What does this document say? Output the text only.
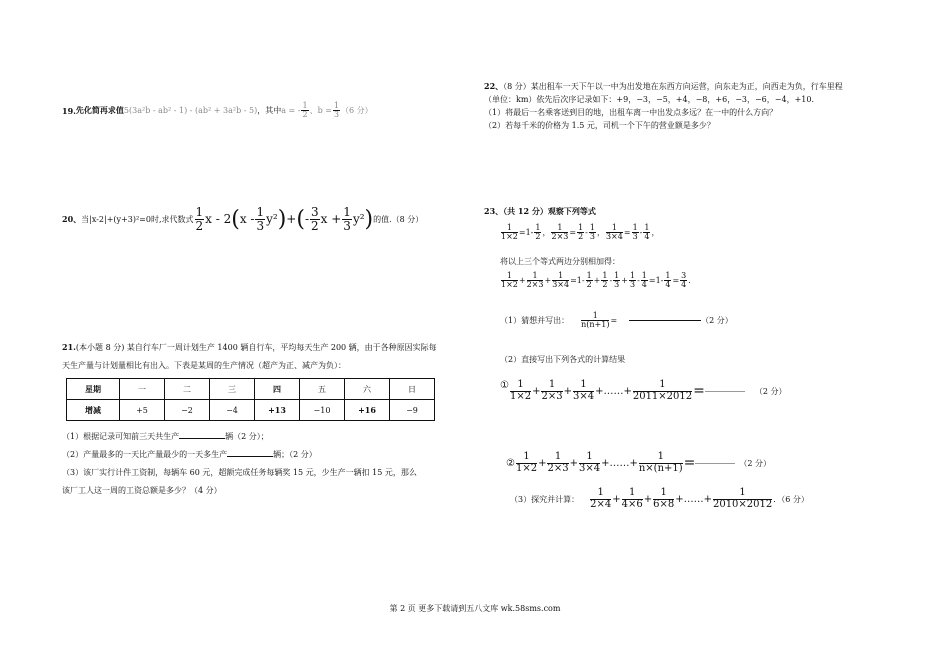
19. 先化简再求值 5(3a²b - ab² - 1) - (ab² + 3a²b - 5) ，其中 a = - $\frac{1}{2}$ 、 $b = \frac{1}{3} (6$ 分）
20、 当|x-2|+(y+3)²=0时,求代数式 $\frac{1}{2}$ x - 2 ( x - $\frac{1}{3} y^2$ ) + ( - $\frac{3}{2}$ $x + \frac{1}{3} y^2$ ) 的值.（8 分）
21.(本小题 8 分) 某自行车厂一周计划生产 1400 辆自行车，平均每天生产 200 辆，由于各种原因实际每
天生产量与计划量相比有出入。下表是某周的生产情况（超产为正、减产为负）：
星期	一	二	三	四	五	六	日
增减	+5	−2	−4	+13	−10	+16	−9
（1）根据记录可知前三天共生产	辆（2 分）；
（2）产量最多的一天比产量最少的一天多生产	辆；（2 分）
（3）该厂实行计件工资制，每辆车 60 元，超额完成任务每辆奖 15 元，少生产一辆扣 15 元，那么
该厂工人这一周的工资总额是多少？（4 分）
22、（8 分）某出租车一天下午以一中为出发地在东西方向运营，向东走为正，向西走为负，行车里程
（单位：km）依先后次序记录如下：+9，−3，−5，+4，−8，+6，−3，−6，−4，+10.
（1）将最后一名乘客送到目的地，出租车离一中出发点多远？在一中的什么方向？
（2）若每千米的价格为 1.5 元，司机一个下午的营业额是多少？
23、（共 12 分）观察下列等式
$\frac{1}{1\times 2} =1- \frac{1}{2}$ ， $\frac{1}{2\times 3} = \frac{1}{2} - \frac{1}{3}$ ， $\frac{1}{3\times 4} = \frac{1}{3} - \frac{1}{4}$ ，
将以上三个等式两边分别相加得：
$\frac{1}{1\times 2} + \frac{1}{2\times 3} + \frac{1}{3\times 4} =1- \frac{1}{2} + \frac{1}{2} - \frac{1}{3} + \frac{1}{3} - \frac{1}{4} =1- \frac{1}{4} = \frac{3}{4}$ .
（1）猜想并写出： $\frac{1}{n(n+1)}$ =	（2 分）
（2）直接写出下列各式的计算结果
① $\frac{1}{1\times 2} + \frac{1}{2\times 3} + \frac{1}{3\times 4}$ +……+ $\frac{1}{2011\times 2012}$ =	（2 分）
② $\frac{1}{1\times 2} + \frac{1}{2\times 3} + \frac{1}{3\times 4}$ +……+ $\frac{1}{n\times(n+1)}$ =	（2 分）
（3）探究并计算： $\frac{1}{2\times 4} + \frac{1}{4\times 6} + \frac{1}{6\times 8}$ +……+ $\frac{1}{2010\times 2012}$ ．（6 分）
第 2 页 更多下载请到五八文库 wk.58sms.com
